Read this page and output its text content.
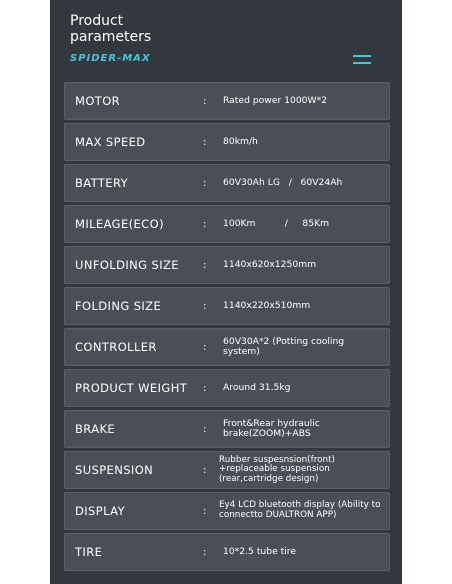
Product parameters
SPIDER-MAX
MOTOR	: Rated power 1000W*2
MAX SPEED	: 80km/h
BATTERY	: 60V30Ah LG   /   60V24Ah
MILEAGE(ECO)	: 100Km          /     85Km
UNFOLDING SIZE : 1140x620x1250mm
FOLDING SIZE	: 1140x220x510mm
CONTROLLER	: 60V30A*2 (Potting cooling system)
PRODUCT WEIGHT : Around 31.5kg
BRAKE	: Front&Rear hydraulic brake(ZOOM)+ABS
SUSPENSION	:
Rubber suspesnsion(front) +replaceable suspension (rear,cartridge design)
DISPLAY	:
Ey4 LCD bluetooth display (Ability to connectto DUALTRON APP)
TIRE	: 10*2.5 tube tire
